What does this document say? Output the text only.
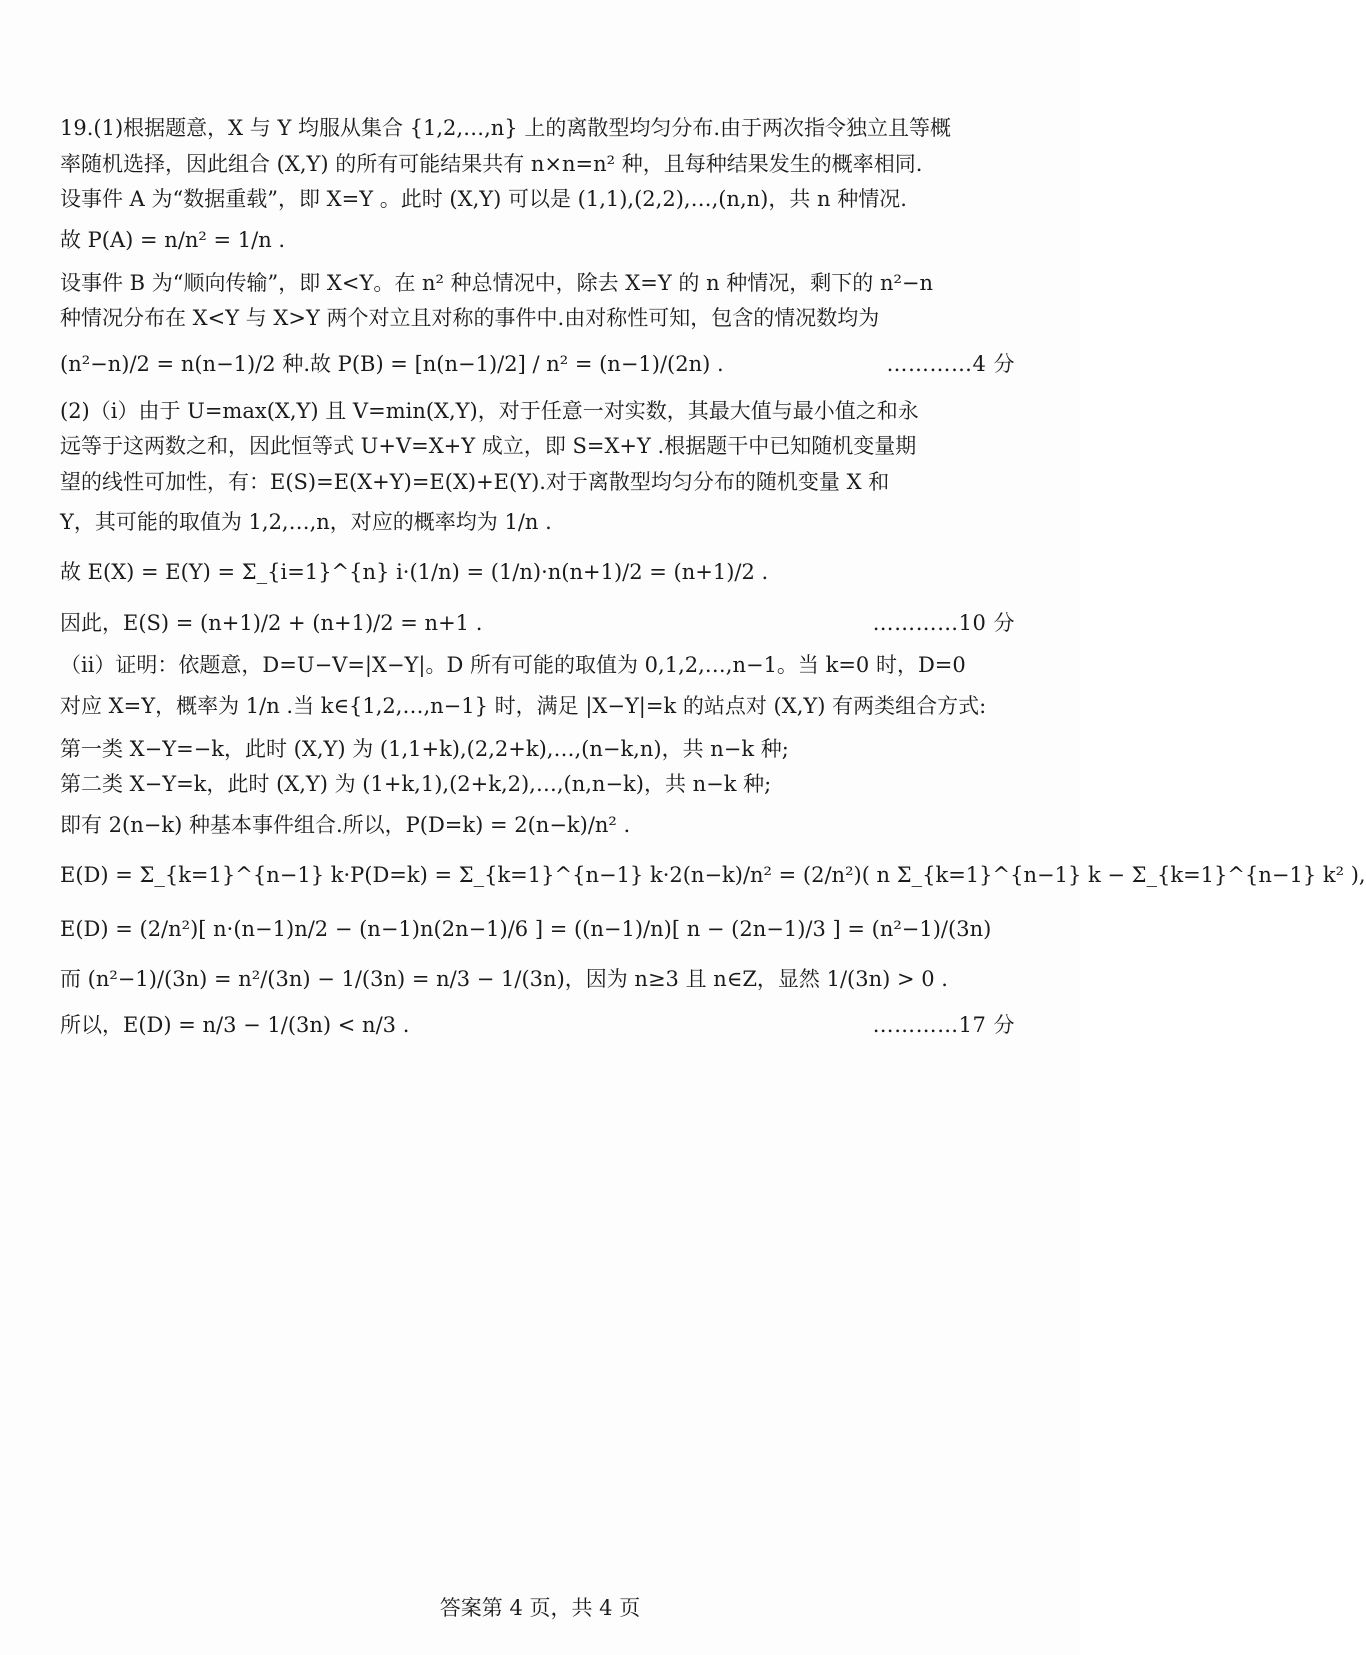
19.(1)根据题意，X 与 Y 均服从集合 {1,2,…,n} 上的离散型均匀分布.由于两次指令独立且等概
率随机选择，因此组合 (X,Y) 的所有可能结果共有 n×n=n² 种，且每种结果发生的概率相同.
设事件 A 为“数据重载”，即 X=Y 。此时 (X,Y) 可以是 (1,1),(2,2),…,(n,n)，共 n 种情况.
故 P(A) = n/n² = 1/n .
设事件 B 为“顺向传输”，即 X<Y。在 n² 种总情况中，除去 X=Y 的 n 种情况，剩下的 n²−n
种情况分布在 X<Y 与 X>Y 两个对立且对称的事件中.由对称性可知，包含的情况数均为
(n²−n)/2 = n(n−1)/2 种.故 P(B) = [n(n−1)/2] / n² = (n−1)/(2n) .	…………4 分
(2)（i）由于 U=max(X,Y) 且 V=min(X,Y)，对于任意一对实数，其最大值与最小值之和永
远等于这两数之和，因此恒等式 U+V=X+Y 成立，即 S=X+Y .根据题干中已知随机变量期
望的线性可加性，有：E(S)=E(X+Y)=E(X)+E(Y).对于离散型均匀分布的随机变量 X 和
Y，其可能的取值为 1,2,…,n，对应的概率均为 1/n .
故 E(X) = E(Y) = Σ_{i=1}^{n} i·(1/n) = (1/n)·n(n+1)/2 = (n+1)/2 .
因此，E(S) = (n+1)/2 + (n+1)/2 = n+1 .	…………10 分
（ii）证明：依题意，D=U−V=|X−Y|。D 所有可能的取值为 0,1,2,…,n−1。当 k=0 时，D=0
对应 X=Y，概率为 1/n .当 k∈{1,2,…,n−1} 时，满足 |X−Y|=k 的站点对 (X,Y) 有两类组合方式:
第一类 X−Y=−k，此时 (X,Y) 为 (1,1+k),(2,2+k),…,(n−k,n)，共 n−k 种;
第二类 X−Y=k，此时 (X,Y) 为 (1+k,1),(2+k,2),…,(n,n−k)，共 n−k 种;
即有 2(n−k) 种基本事件组合.所以，P(D=k) = 2(n−k)/n² .
E(D) = Σ_{k=1}^{n−1} k·P(D=k) = Σ_{k=1}^{n−1} k·2(n−k)/n² = (2/n²)( n Σ_{k=1}^{n−1} k − Σ_{k=1}^{n−1} k² ),
E(D) = (2/n²)[ n·(n−1)n/2 − (n−1)n(2n−1)/6 ] = ((n−1)/n)[ n − (2n−1)/3 ] = (n²−1)/(3n)
而 (n²−1)/(3n) = n²/(3n) − 1/(3n) = n/3 − 1/(3n)，因为 n≥3 且 n∈Z，显然 1/(3n) > 0 .
所以，E(D) = n/3 − 1/(3n) < n/3 .	…………17 分
答案第 4 页，共 4 页
